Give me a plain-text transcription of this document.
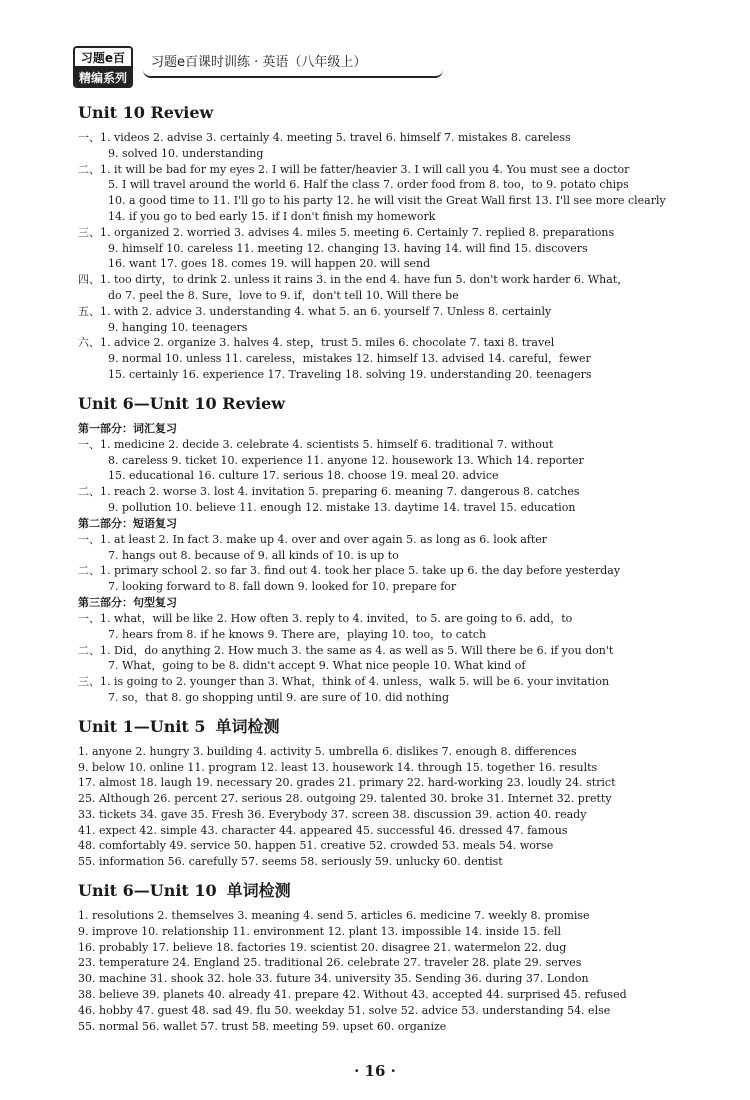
习题e百
精编系列
习题e百课时训练 · 英语（八年级上）
Unit 10 Review
一、1. videos 2. advise 3. certainly 4. meeting 5. travel 6. himself 7. mistakes 8. careless
9. solved 10. understanding
二、1. it will be bad for my eyes 2. I will be fatter/heavier 3. I will call you 4. You must see a doctor
5. I will travel around the world 6. Half the class 7. order food from 8. too，to 9. potato chips
10. a good time to 11. I'll go to his party 12. he will visit the Great Wall first 13. I'll see more clearly
14. if you go to bed early 15. if I don't finish my homework
三、1. organized 2. worried 3. advises 4. miles 5. meeting 6. Certainly 7. replied 8. preparations
9. himself 10. careless 11. meeting 12. changing 13. having 14. will find 15. discovers
16. want 17. goes 18. comes 19. will happen 20. will send
四、1. too dirty，to drink 2. unless it rains 3. in the end 4. have fun 5. don't work harder 6. What，
do 7. peel the 8. Sure，love to 9. if，don't tell 10. Will there be
五、1. with 2. advice 3. understanding 4. what 5. an 6. yourself 7. Unless 8. certainly
9. hanging 10. teenagers
六、1. advice 2. organize 3. halves 4. step，trust 5. miles 6. chocolate 7. taxi 8. travel
9. normal 10. unless 11. careless，mistakes 12. himself 13. advised 14. careful，fewer
15. certainly 16. experience 17. Traveling 18. solving 19. understanding 20. teenagers
Unit 6—Unit 10 Review
第一部分：词汇复习
一、1. medicine 2. decide 3. celebrate 4. scientists 5. himself 6. traditional 7. without
8. careless 9. ticket 10. experience 11. anyone 12. housework 13. Which 14. reporter
15. educational 16. culture 17. serious 18. choose 19. meal 20. advice
二、1. reach 2. worse 3. lost 4. invitation 5. preparing 6. meaning 7. dangerous 8. catches
9. pollution 10. believe 11. enough 12. mistake 13. daytime 14. travel 15. education
第二部分：短语复习
一、1. at least 2. In fact 3. make up 4. over and over again 5. as long as 6. look after
7. hangs out 8. because of 9. all kinds of 10. is up to
二、1. primary school 2. so far 3. find out 4. took her place 5. take up 6. the day before yesterday
7. looking forward to 8. fall down 9. looked for 10. prepare for
第三部分：句型复习
一、1. what，will be like 2. How often 3. reply to 4. invited，to 5. are going to 6. add，to
7. hears from 8. if he knows 9. There are，playing 10. too，to catch
二、1. Did，do anything 2. How much 3. the same as 4. as well as 5. Will there be 6. if you don't
7. What，going to be 8. didn't accept 9. What nice people 10. What kind of
三、1. is going to 2. younger than 3. What，think of 4. unless，walk 5. will be 6. your invitation
7. so，that 8. go shopping until 9. are sure of 10. did nothing
Unit 1—Unit 5 单词检测
1. anyone 2. hungry 3. building 4. activity 5. umbrella 6. dislikes 7. enough 8. differences
9. below 10. online 11. program 12. least 13. housework 14. through 15. together 16. results
17. almost 18. laugh 19. necessary 20. grades 21. primary 22. hard-working 23. loudly 24. strict
25. Although 26. percent 27. serious 28. outgoing 29. talented 30. broke 31. Internet 32. pretty
33. tickets 34. gave 35. Fresh 36. Everybody 37. screen 38. discussion 39. action 40. ready
41. expect 42. simple 43. character 44. appeared 45. successful 46. dressed 47. famous
48. comfortably 49. service 50. happen 51. creative 52. crowded 53. meals 54. worse
55. information 56. carefully 57. seems 58. seriously 59. unlucky 60. dentist
Unit 6—Unit 10 单词检测
1. resolutions 2. themselves 3. meaning 4. send 5. articles 6. medicine 7. weekly 8. promise
9. improve 10. relationship 11. environment 12. plant 13. impossible 14. inside 15. fell
16. probably 17. believe 18. factories 19. scientist 20. disagree 21. watermelon 22. dug
23. temperature 24. England 25. traditional 26. celebrate 27. traveler 28. plate 29. serves
30. machine 31. shook 32. hole 33. future 34. university 35. Sending 36. during 37. London
38. believe 39. planets 40. already 41. prepare 42. Without 43. accepted 44. surprised 45. refused
46. hobby 47. guest 48. sad 49. flu 50. weekday 51. solve 52. advice 53. understanding 54. else
55. normal 56. wallet 57. trust 58. meeting 59. upset 60. organize
· 16 ·
